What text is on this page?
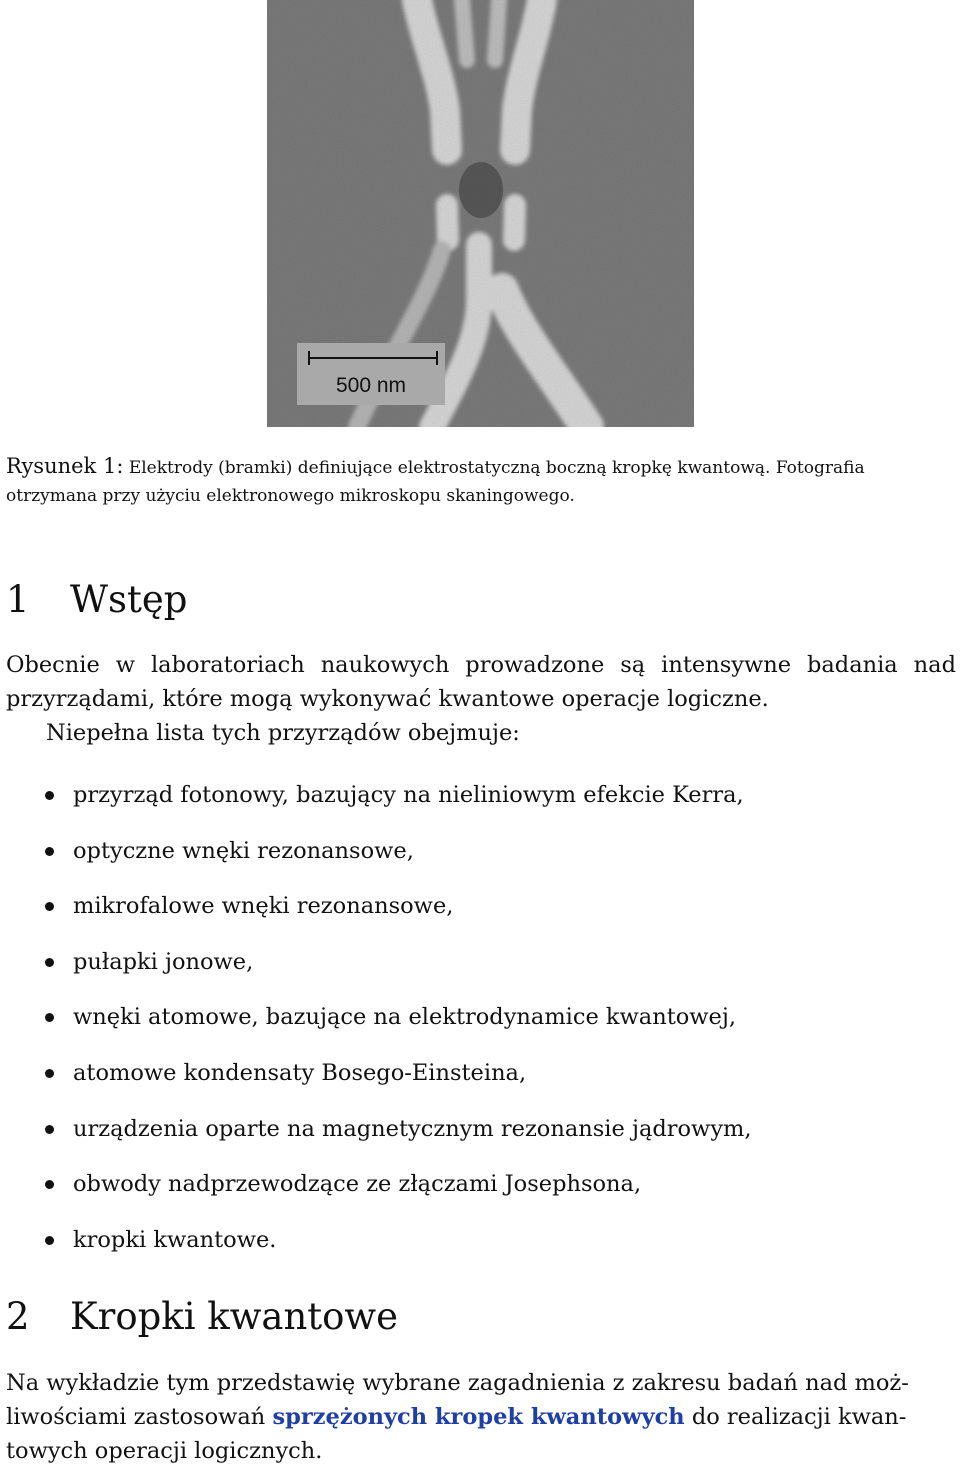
500 nm
Rysunek 1: Elektrody (bramki) definiujące elektrostatyczną boczną kropkę kwantową. Fotografia otrzymana przy użyciu elektronowego mikroskopu skaningowego.
1 Wstęp

Obecnie w laboratoriach naukowych prowadzone są intensywne badania nad przyrządami, które mogą wykonywać kwantowe operacje logiczne.
Niepełna lista tych przyrządów obejmuje:

przyrząd fotonowy, bazujący na nieliniowym efekcie Kerra,
optyczne wnęki rezonansowe,
mikrofalowe wnęki rezonansowe,
pułapki jonowe,
wnęki atomowe, bazujące na elektrodynamice kwantowej,
atomowe kondensaty Bosego-Einsteina,
urządzenia oparte na magnetycznym rezonansie jądrowym,
obwody nadprzewodzące ze złączami Josephsona,
kropki kwantowe.
2 Kropki kwantowe

Na wykładzie tym przedstawię wybrane zagadnienia z zakresu badań nad moż-
liwościami zastosowań sprzężonych kropek kwantowych do realizacji kwan-
towych operacji logicznych.
